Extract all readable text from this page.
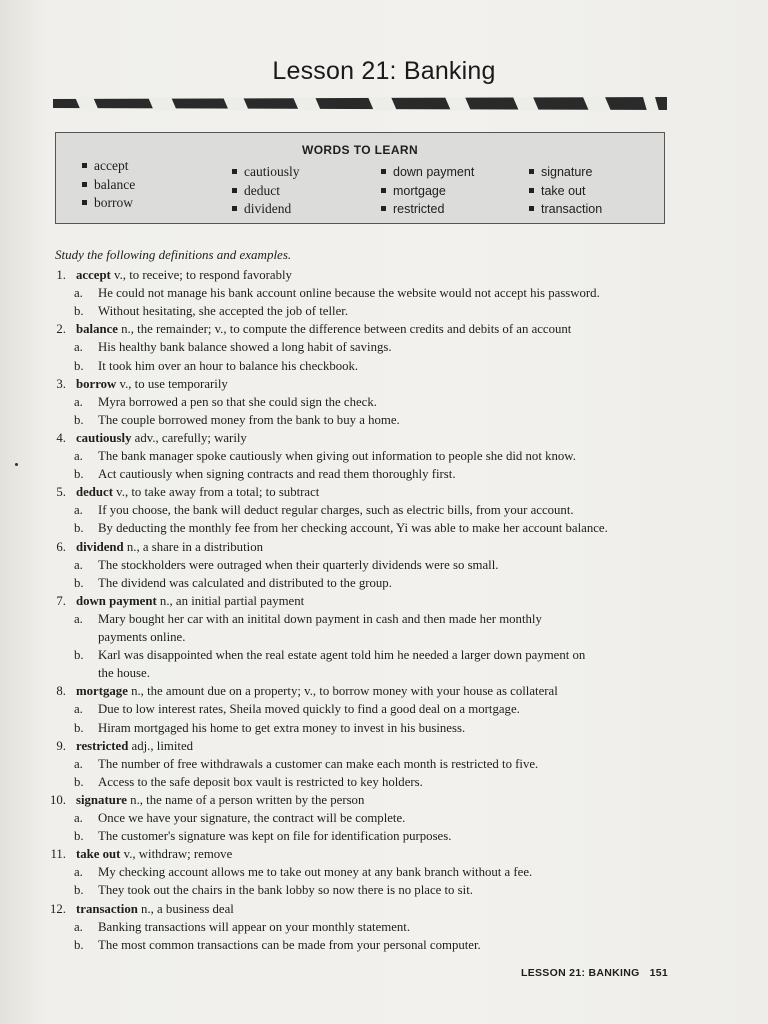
Lesson 21: Banking
WORDS TO LEARN
accept
balance
borrow
cautiously
deduct
dividend
down payment
mortgage
restricted
signature
take out
transaction
Study the following definitions and examples.
1. accept v., to receive; to respond favorably
a. He could not manage his bank account online because the website would not accept his password.
b. Without hesitating, she accepted the job of teller.
2. balance n., the remainder; v., to compute the difference between credits and debits of an account
a. His healthy bank balance showed a long habit of savings.
b. It took him over an hour to balance his checkbook.
3. borrow v., to use temporarily
a. Myra borrowed a pen so that she could sign the check.
b. The couple borrowed money from the bank to buy a home.
4. cautiously adv., carefully; warily
a. The bank manager spoke cautiously when giving out information to people she did not know.
b. Act cautiously when signing contracts and read them thoroughly first.
5. deduct v., to take away from a total; to subtract
a. If you choose, the bank will deduct regular charges, such as electric bills, from your account.
b. By deducting the monthly fee from her checking account, Yi was able to make her account balance.
6. dividend n., a share in a distribution
a. The stockholders were outraged when their quarterly dividends were so small.
b. The dividend was calculated and distributed to the group.
7. down payment n., an initial partial payment
a. Mary bought her car with an initital down payment in cash and then made her monthly
payments online.
b. Karl was disappointed when the real estate agent told him he needed a larger down payment on
the house.
8. mortgage n., the amount due on a property; v., to borrow money with your house as collateral
a. Due to low interest rates, Sheila moved quickly to find a good deal on a mortgage.
b. Hiram mortgaged his home to get extra money to invest in his business.
9. restricted adj., limited
a. The number of free withdrawals a customer can make each month is restricted to five.
b. Access to the safe deposit box vault is restricted to key holders.
10. signature n., the name of a person written by the person
a. Once we have your signature, the contract will be complete.
b. The customer's signature was kept on file for identification purposes.
11. take out v., withdraw; remove
a. My checking account allows me to take out money at any bank branch without a fee.
b. They took out the chairs in the bank lobby so now there is no place to sit.
12. transaction n., a business deal
a. Banking transactions will appear on your monthly statement.
b. The most common transactions can be made from your personal computer.
LESSON 21: BANKING 151
